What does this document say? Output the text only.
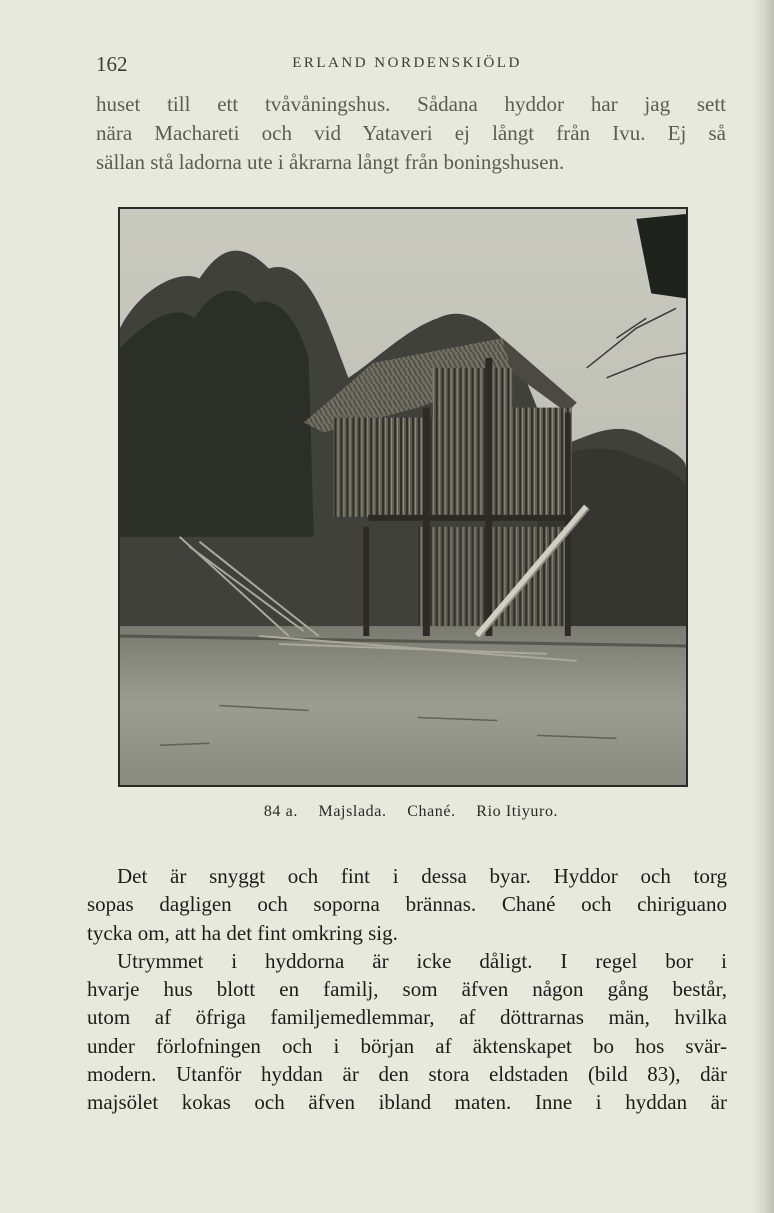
162	ERLAND NORDENSKIÖLD
huset till ett tvåvåningshus. Sådana hyddor har jag sett
nära Machareti och vid Yataveri ej långt från Ivu. Ej så
sällan stå ladorna ute i åkrarna långt från boningshusen.
84 a. Majslada. Chané. Rio Itiyuro.
Det är snyggt och fint i dessa byar. Hyddor och torg
sopas dagligen och soporna brännas. Chané och chiriguano
tycka om, att ha det fint omkring sig.
Utrymmet i hyddorna är icke dåligt. I regel bor i
hvarje hus blott en familj, som äfven någon gång består,
utom af öfriga familjemedlemmar, af döttrarnas män, hvilka
under förlofningen och i början af äktenskapet bo hos svär-
modern. Utanför hyddan är den stora eldstaden (bild 83), där
majsölet kokas och äfven ibland maten. Inne i hyddan är
